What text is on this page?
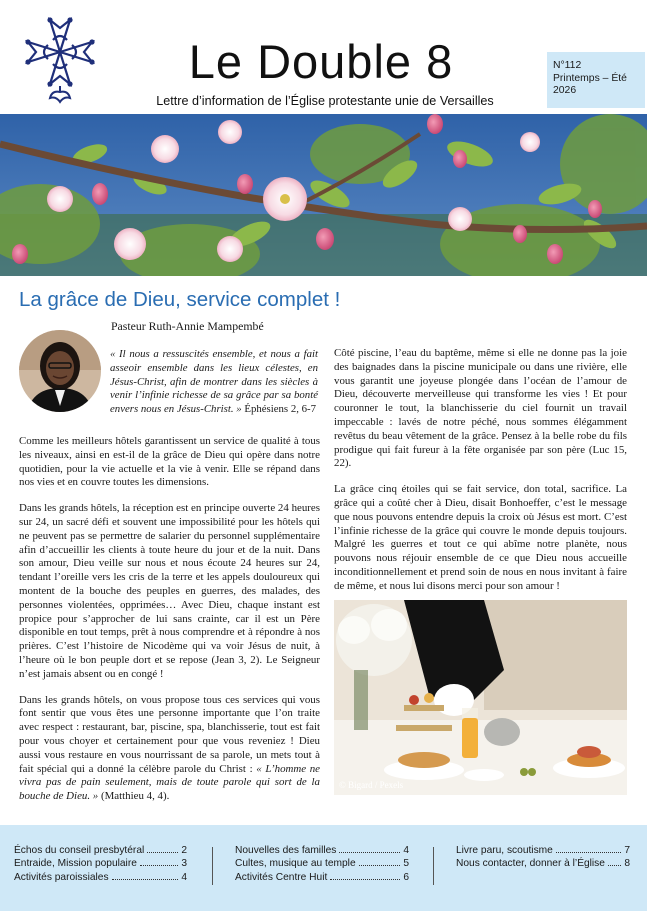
Le Double 8
Lettre d’information de l’Église protestante unie de Versailles
N°112
Printemps – Été
2026
La grâce de Dieu, service complet !
Pasteur Ruth-Annie Mampembé
« Il nous a ressuscités ensemble, et nous a fait asseoir ensemble dans les lieux célestes, en Jésus-Christ, afin de montrer dans les siècles à venir l’infinie richesse de sa grâce par sa bonté envers nous en Jésus-Christ. » Éphésiens 2, 6-7

Comme les meilleurs hôtels garantissent un service de qualité à tous les niveaux, ainsi en est-il de la grâce de Dieu qui opère dans notre quotidien, pour la vie actuelle et la vie à venir. Elle se répand dans nos vies et en couvre toutes les dimensions.

Dans les grands hôtels, la réception est en principe ouverte 24 heures sur 24, un sacré défi et souvent une impossibilité pour les hôtels qui ne peuvent pas se permettre de salarier du personnel supplémentaire afin d’accueillir les clients à toute heure du jour et de la nuit. Dans son amour, Dieu veille sur nous et nous écoute 24 heures sur 24, tendant l’oreille vers les cris de la terre et les appels douloureux qui montent de la bouche des peuples en guerres, des malades, des personnes violentées, opprimées… Avec Dieu, chaque instant est propice pour s’approcher de lui sans crainte, car il est un Père disponible en tout temps, prêt à nous comprendre et à répondre à nos prières. C’est l’histoire de Nicodème qui va voir Jésus de nuit, à l’heure où le bon peuple dort et se repose (Jean 3, 2). Le Seigneur n’est jamais absent ou en congé !

Dans les grands hôtels, on vous propose tous ces services qui vous font sentir que vous êtes une personne importante que l’on traite avec respect : restaurant, bar, piscine, spa, blanchisserie, tout est fait pour vous choyer et certainement pour que vous reveniez ! Dieu aussi vous restaure en vous nourrissant de sa parole, un mets tout à fait spécial qui a donné la célèbre parole du Christ : « L’homme ne vivra pas de pain seulement, mais de toute parole qui sort de la bouche de Dieu. » (Matthieu 4, 4).

Côté piscine, l’eau du baptême, même si elle ne donne pas la joie des baignades dans la piscine municipale ou dans une rivière, elle vous garantit une joyeuse plongée dans l’océan de l’amour de Dieu, découverte merveilleuse qui transforme les vies ! Et pour couronner le tout, la blanchisserie du ciel fournit un travail impeccable : lavés de notre péché, nous sommes élégamment revêtus du beau vêtement de la grâce. Pensez à la belle robe du fils prodigue qui fait fureur à la fête organisée par son père (Luc 15, 22).

La grâce cinq étoiles qui se fait service, don total, sacrifice. La grâce qui a coûté cher à Dieu, disait Bonhoeffer, c’est le message que nous pouvons entendre depuis la croix où Jésus est mort. C’est l’infinie richesse de la grâce qui couvre le monde depuis toujours. Malgré les guerres et tout ce qui abîme notre planète, nous pouvons nous réjouir ensemble de ce que Dieu nous accueille inconditionnellement et prend soin de nous en nous invitant à faire de même, et nous lui disons merci pour son amour !

© Bigard / Pexels
Échos du conseil presbytéral	2
Entraide, Mission populaire	3
Activités paroissiales	4
Nouvelles des familles	4
Cultes, musique au temple	5
Activités Centre Huit	6
Livre paru, scoutisme	7
Nous contacter, donner à l’Église 8
